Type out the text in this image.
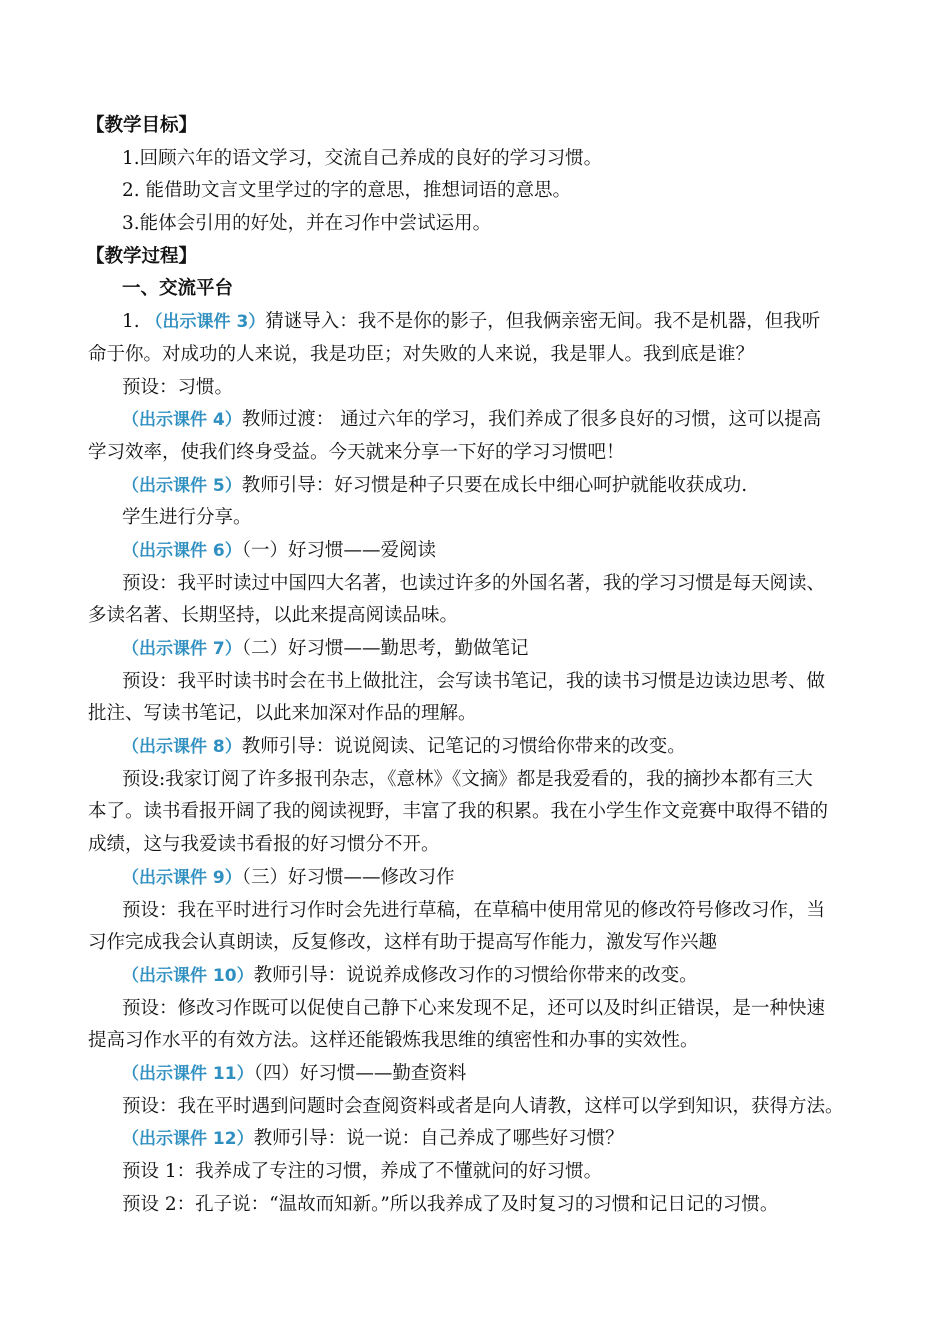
【教学目标】
1.回顾六年的语文学习，交流自己养成的良好的学习习惯。
2. 能借助文言文里学过的字的意思，推想词语的意思。
3.能体会引用的好处，并在习作中尝试运用。
【教学过程】
一、交流平台
1. （出示课件 3）猜谜导入：我不是你的影子，但我俩亲密无间。我不是机器，但我听
命于你。对成功的人来说，我是功臣；对失败的人来说，我是罪人。我到底是谁？
预设：习惯。
（出示课件 4）教师过渡： 通过六年的学习，我们养成了很多良好的习惯，这可以提高
学习效率，使我们终身受益。今天就来分享一下好的学习习惯吧！
（出示课件 5）教师引导：好习惯是种子只要在成长中细心呵护就能收获成功.
学生进行分享。
（出示课件 6）（一）好习惯——爱阅读
预设：我平时读过中国四大名著，也读过许多的外国名著，我的学习习惯是每天阅读、
多读名著、长期坚持，以此来提高阅读品味。
（出示课件 7）（二）好习惯——勤思考，勤做笔记
预设：我平时读书时会在书上做批注，会写读书笔记，我的读书习惯是边读边思考、做
批注、写读书笔记，以此来加深对作品的理解。
（出示课件 8）教师引导：说说阅读、记笔记的习惯给你带来的改变。
预设:我家订阅了许多报刊杂志，《意林》《文摘》都是我爱看的，我的摘抄本都有三大
本了。读书看报开阔了我的阅读视野，丰富了我的积累。我在小学生作文竞赛中取得不错的
成绩，这与我爱读书看报的好习惯分不开。
（出示课件 9）（三）好习惯——修改习作
预设：我在平时进行习作时会先进行草稿，在草稿中使用常见的修改符号修改习作，当
习作完成我会认真朗读，反复修改，这样有助于提高写作能力，激发写作兴趣
（出示课件 10）教师引导：说说养成修改习作的习惯给你带来的改变。
预设：修改习作既可以促使自己静下心来发现不足，还可以及时纠正错误，是一种快速
提高习作水平的有效方法。这样还能锻炼我思维的缜密性和办事的实效性。
（出示课件 11）（四）好习惯——勤查资料
预设：我在平时遇到问题时会查阅资料或者是向人请教，这样可以学到知识，获得方法。
（出示课件 12）教师引导：说一说：自己养成了哪些好习惯？
预设 1：我养成了专注的习惯，养成了不懂就问的好习惯。
预设 2：孔子说：“温故而知新。”所以我养成了及时复习的习惯和记日记的习惯。
